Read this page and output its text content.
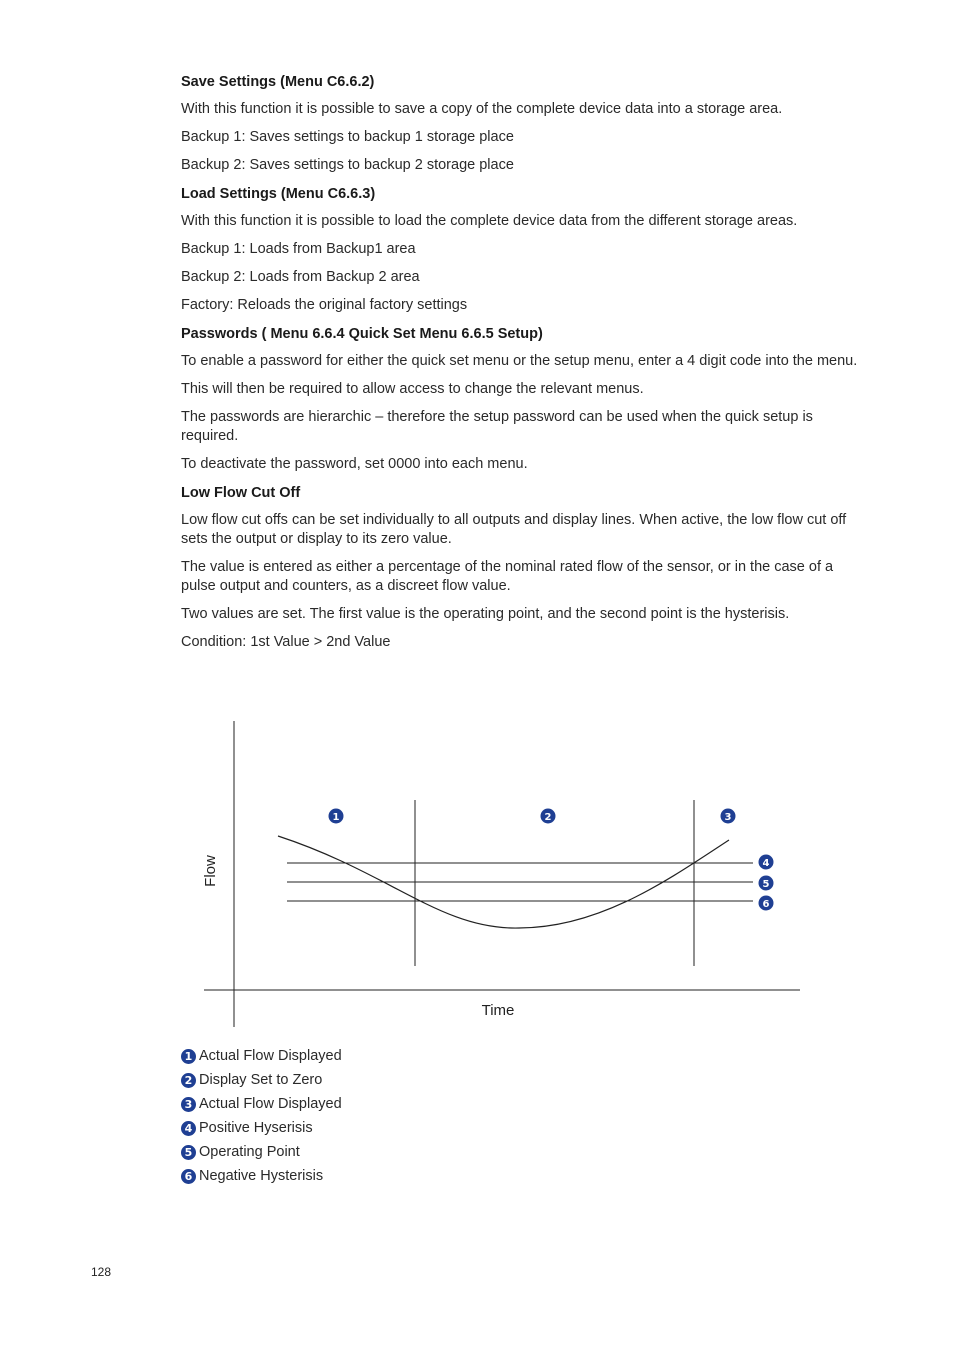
Save Settings (Menu C6.6.2)

With this function it is possible to save a copy of the complete device data into a storage area.

Backup 1: Saves settings to backup 1 storage place

Backup 2: Saves settings to backup 2 storage place

Load Settings (Menu C6.6.3)

With this function it is possible to load the complete device data from the different storage areas.

Backup 1: Loads from Backup1 area

Backup 2: Loads from Backup 2 area

Factory: Reloads the original factory settings

Passwords ( Menu 6.6.4 Quick Set Menu 6.6.5 Setup)

To enable a password for either the quick set menu or the setup menu, enter a 4 digit code into the menu.

This will then be required to allow access to change the relevant menus.

The passwords are hierarchic – therefore the setup password can be used when the quick setup is required.

To deactivate the password, set 0000 into each menu.

Low Flow Cut Off

Low flow cut offs can be set individually to all outputs and display lines. When active, the low flow cut off sets the output or display to its zero value.

The value is entered as either a percentage of the nominal rated flow of the sensor, or in the case of a pulse output and counters, as a discreet flow value.

Two values are set. The first value is the operating point, and the second point is the hysterisis.

Condition: 1st Value > 2nd Value

Flow
Time
1	2	3
4
5
6
1 Actual Flow Displayed
2 Display Set to Zero
3 Actual Flow Displayed
4 Positive Hyserisis
5 Operating Point
6 Negative Hysterisis
128
